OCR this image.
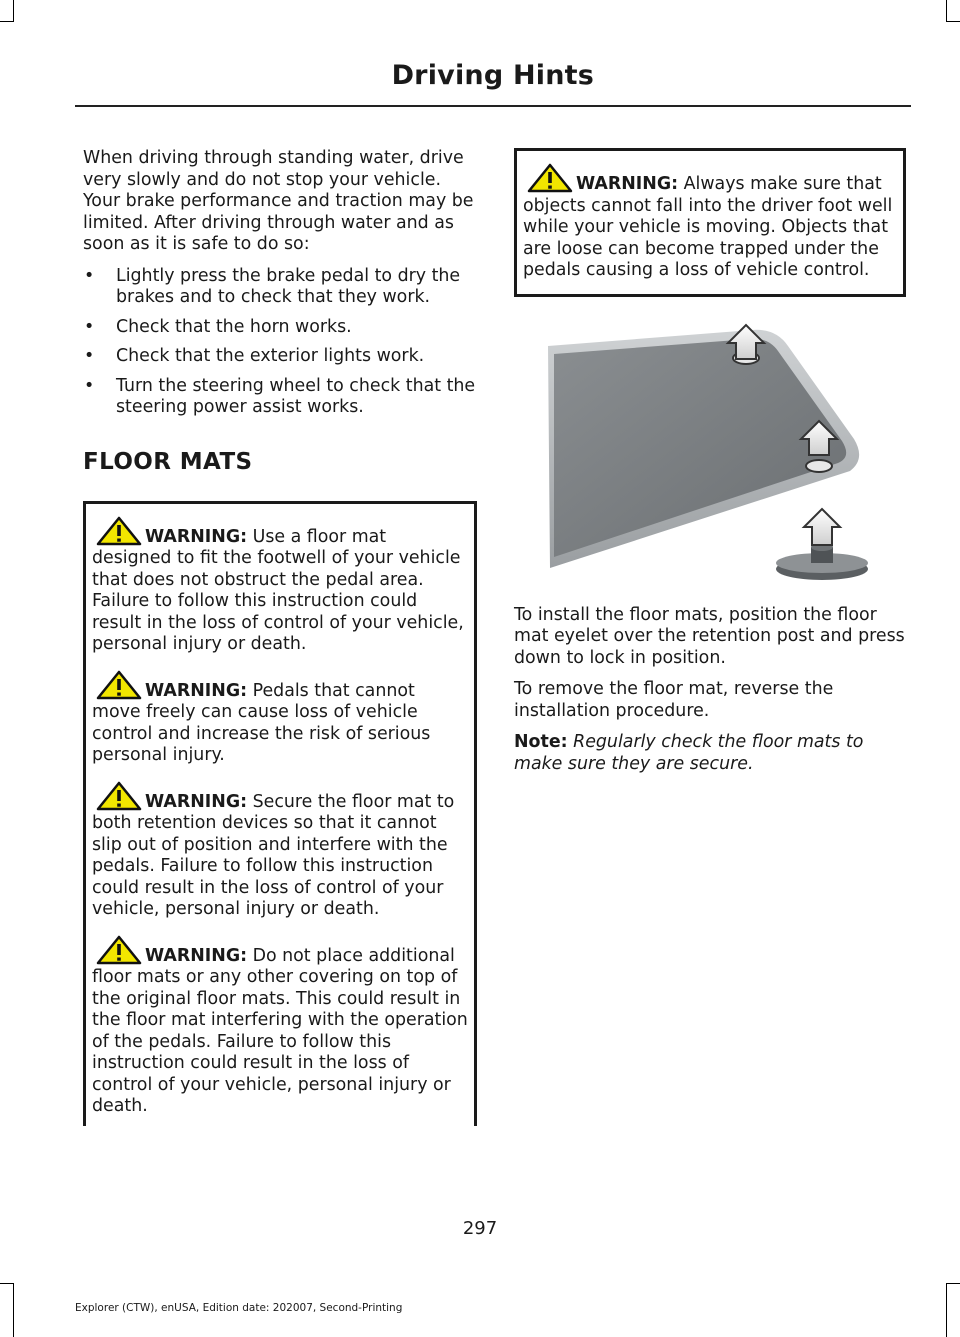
Driving Hints

When driving through standing water, drive very slowly and do not stop your vehicle. Your brake performance and traction may be limited. After driving through water and as soon as it is safe to do so:

• Lightly press the brake pedal to dry the brakes and to check that they work.
• Check that the horn works.
• Check that the exterior lights work.
• Turn the steering wheel to check that the steering power assist works.
FLOOR MATS

WARNING: Use a floor mat designed to fit the footwell of your vehicle that does not obstruct the pedal area. Failure to follow this instruction could result in the loss of control of your vehicle, personal injury or death.

WARNING: Pedals that cannot move freely can cause loss of vehicle control and increase the risk of serious personal injury.

WARNING: Secure the floor mat to both retention devices so that it cannot slip out of position and interfere with the pedals. Failure to follow this instruction could result in the loss of control of your vehicle, personal injury or death.

WARNING: Do not place additional floor mats or any other covering on top of the original floor mats. This could result in the floor mat interfering with the operation of the pedals. Failure to follow this instruction could result in the loss of control of your vehicle, personal injury or death.

WARNING: Always make sure that objects cannot fall into the driver foot well while your vehicle is moving. Objects that are loose can become trapped under the pedals causing a loss of vehicle control.

To install the floor mats, position the floor mat eyelet over the retention post and press down to lock in position.

To remove the floor mat, reverse the installation procedure.

Note: Regularly check the floor mats to make sure they are secure.

297
Explorer (CTW), enUSA, Edition date: 202007, Second-Printing
